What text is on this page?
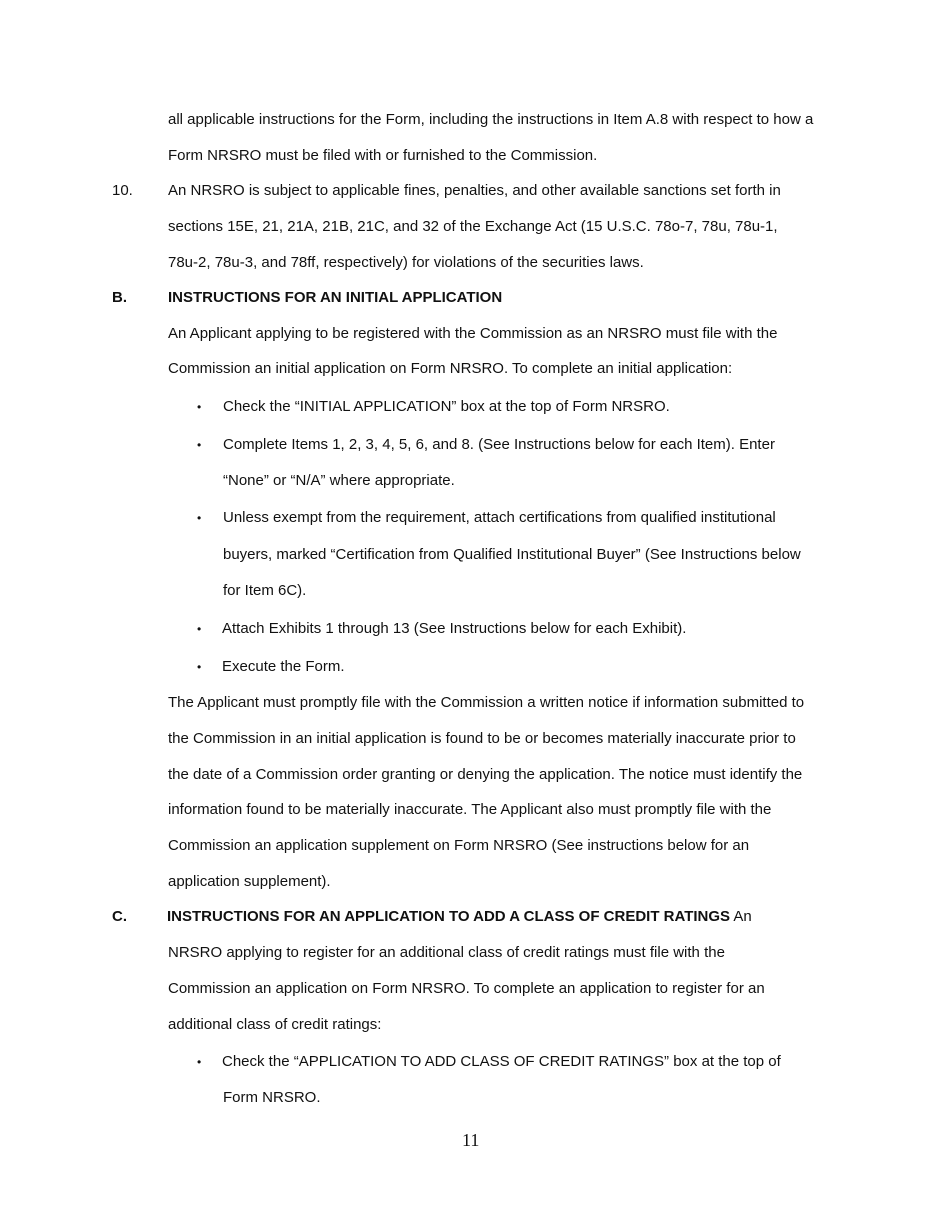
all applicable instructions for the Form, including the instructions in Item A.8 with respect to how a
Form NRSRO must be filed with or furnished to the Commission.
10. An NRSRO is subject to applicable fines, penalties, and other available sanctions set forth in
sections 15E, 21, 21A, 21B, 21C, and 32 of the Exchange Act (15 U.S.C. 78o-7, 78u, 78u-1,
78u-2, 78u-3, and 78ff, respectively) for violations of the securities laws.
B.	INSTRUCTIONS FOR AN INITIAL APPLICATION
An Applicant applying to be registered with the Commission as an NRSRO must file with the
Commission an initial application on Form NRSRO. To complete an initial application:
• Check the “INITIAL APPLICATION” box at the top of Form NRSRO.
• Complete Items 1, 2, 3, 4, 5, 6, and 8. (See Instructions below for each Item). Enter
“None” or “N/A” where appropriate.
• Unless exempt from the requirement, attach certifications from qualified institutional
buyers, marked “Certification from Qualified Institutional Buyer” (See Instructions below
for Item 6C).
• Attach Exhibits 1 through 13 (See Instructions below for each Exhibit).
• Execute the Form.
The Applicant must promptly file with the Commission a written notice if information submitted to
the Commission in an initial application is found to be or becomes materially inaccurate prior to
the date of a Commission order granting or denying the application. The notice must identify the
information found to be materially inaccurate. The Applicant also must promptly file with the
Commission an application supplement on Form NRSRO (See instructions below for an
application supplement).
C.	INSTRUCTIONS FOR AN APPLICATION TO ADD A CLASS OF CREDIT RATINGS An
NRSRO applying to register for an additional class of credit ratings must file with the
Commission an application on Form NRSRO. To complete an application to register for an
additional class of credit ratings:
• Check the “APPLICATION TO ADD CLASS OF CREDIT RATINGS” box at the top of
Form NRSRO.
11
